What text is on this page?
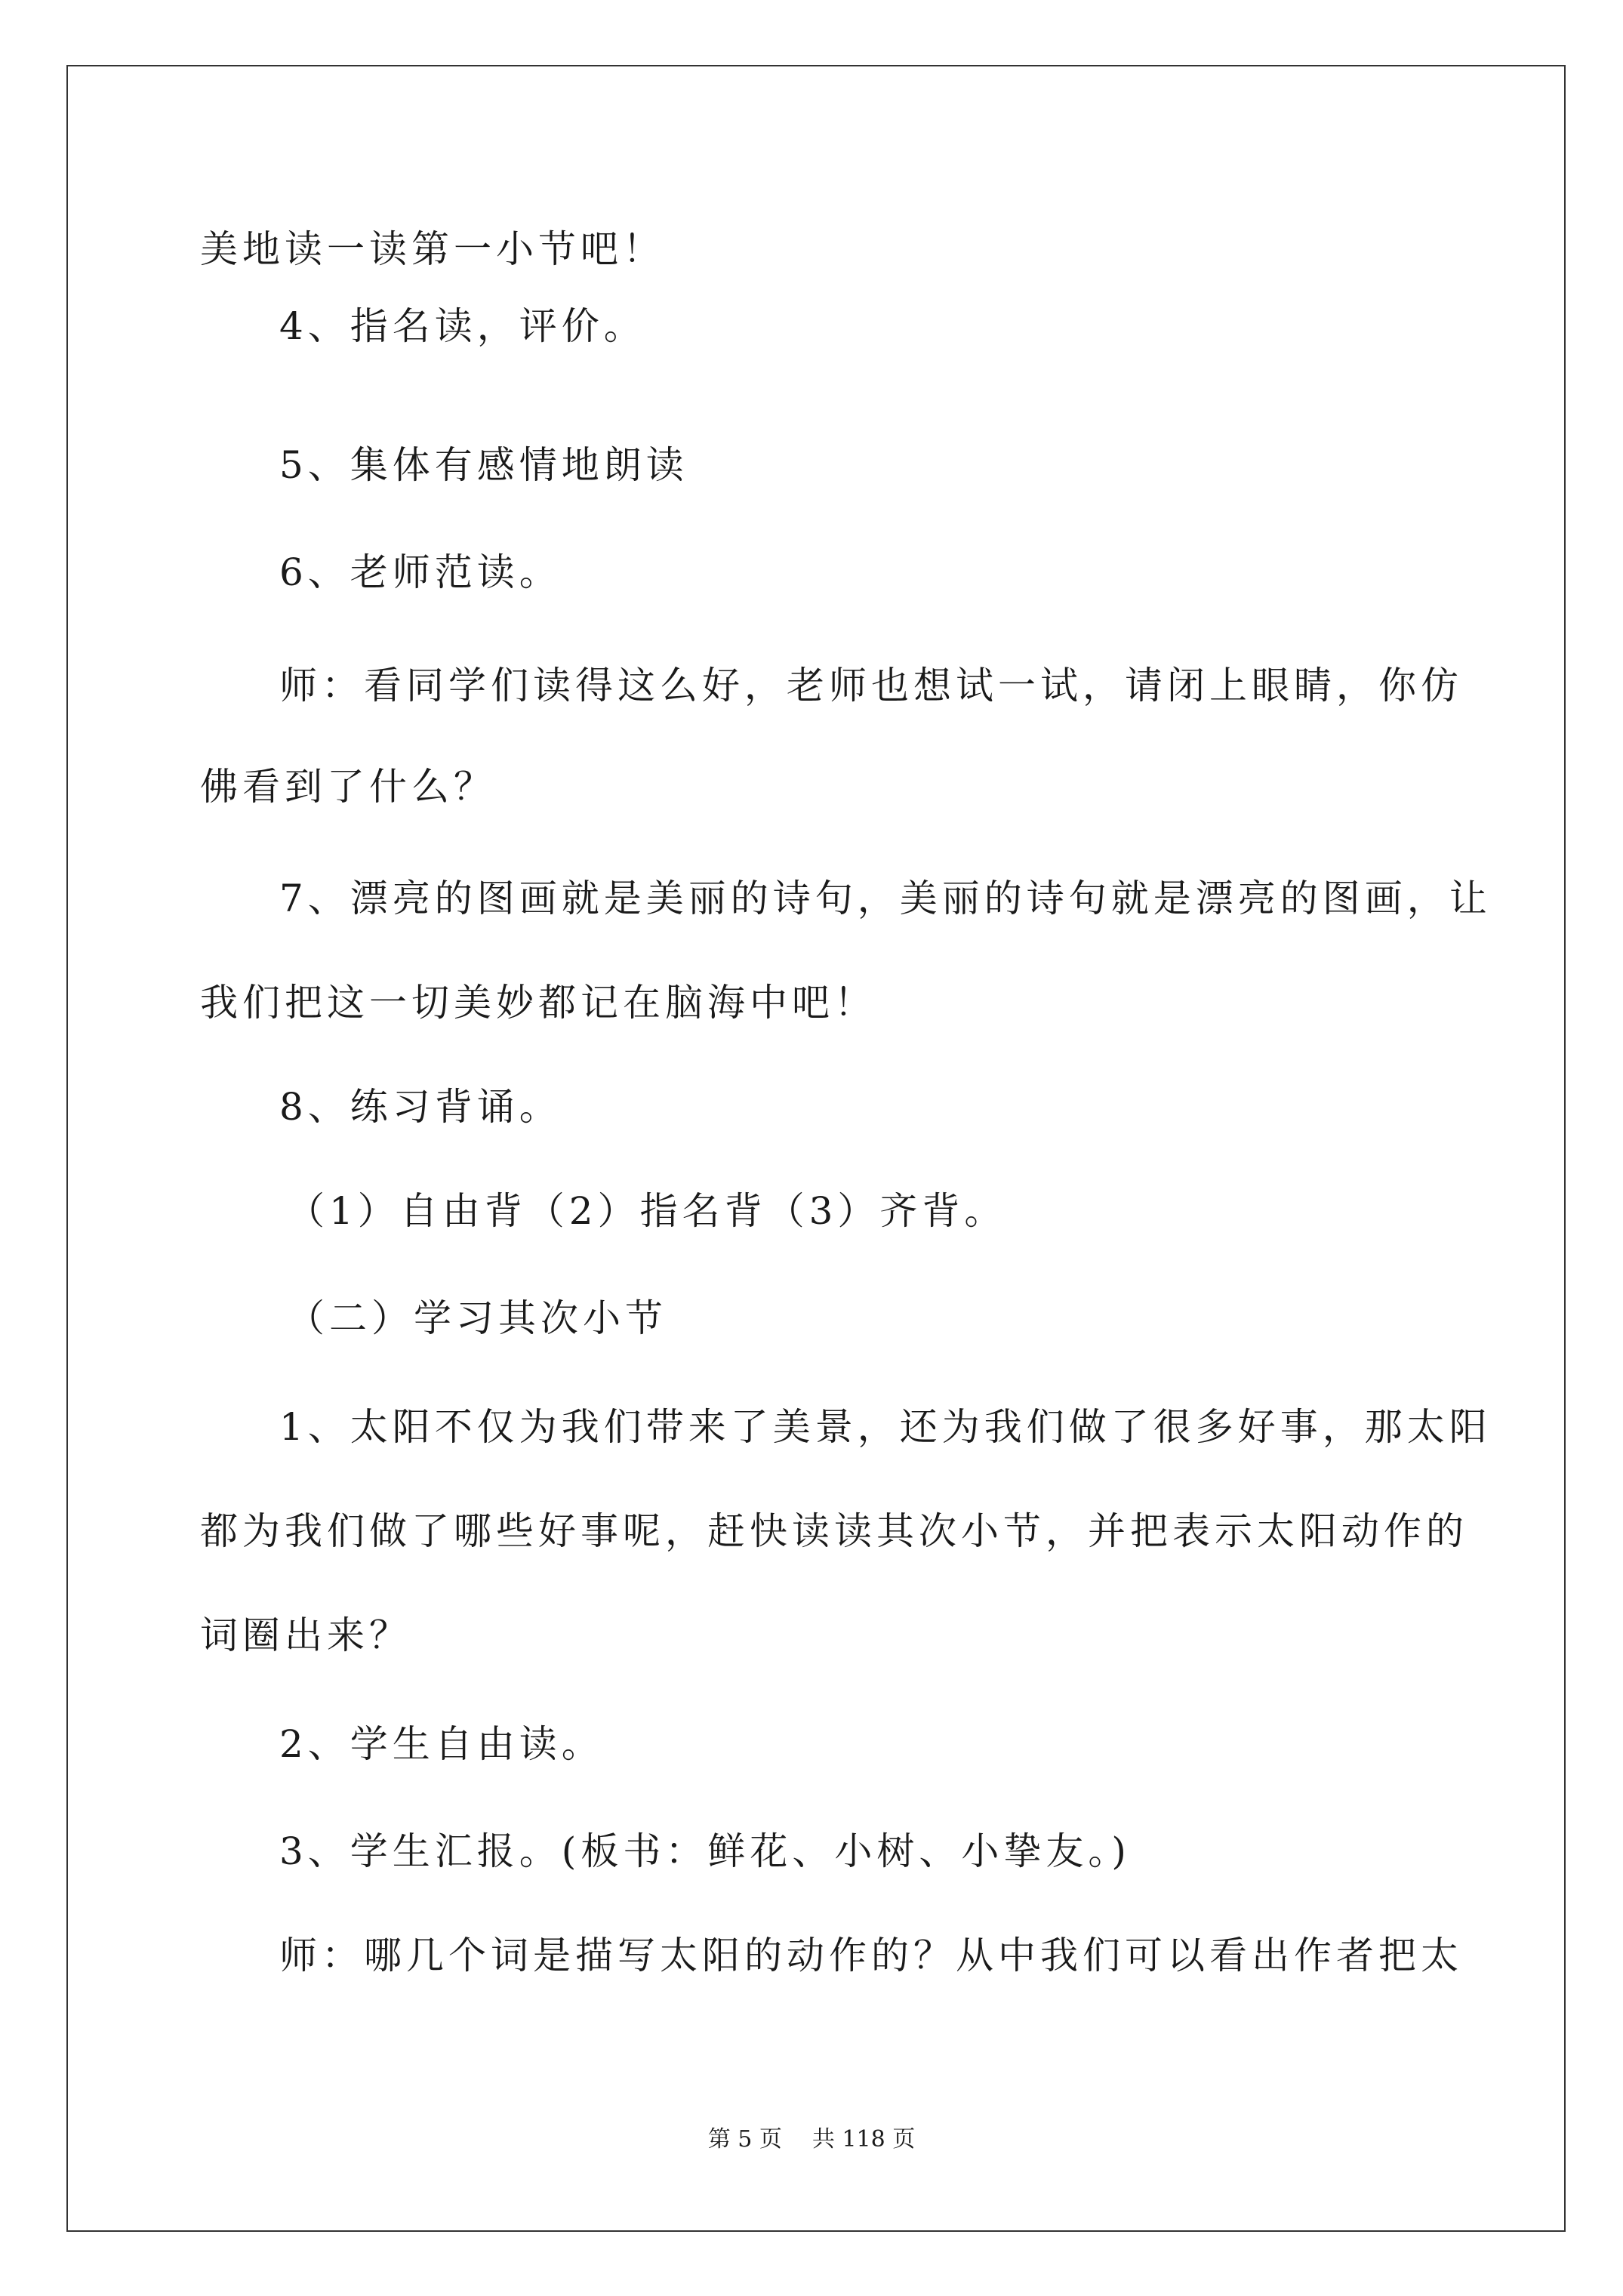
美地读一读第一小节吧！
4、指名读，评价。
5、集体有感情地朗读
6、老师范读。
师：看同学们读得这么好，老师也想试一试，请闭上眼睛，你仿
佛看到了什么？
7、漂亮的图画就是美丽的诗句，美丽的诗句就是漂亮的图画，让
我们把这一切美妙都记在脑海中吧！
8、练习背诵。
（1）自由背（2）指名背（3）齐背。
（二）学习其次小节
1、太阳不仅为我们带来了美景，还为我们做了很多好事，那太阳
都为我们做了哪些好事呢，赶快读读其次小节，并把表示太阳动作的
词圈出来？
2、学生自由读。
3、学生汇报。(板书：鲜花、小树、小挚友。)
师：哪几个词是描写太阳的动作的？从中我们可以看出作者把太
第 5 页 共 118 页
